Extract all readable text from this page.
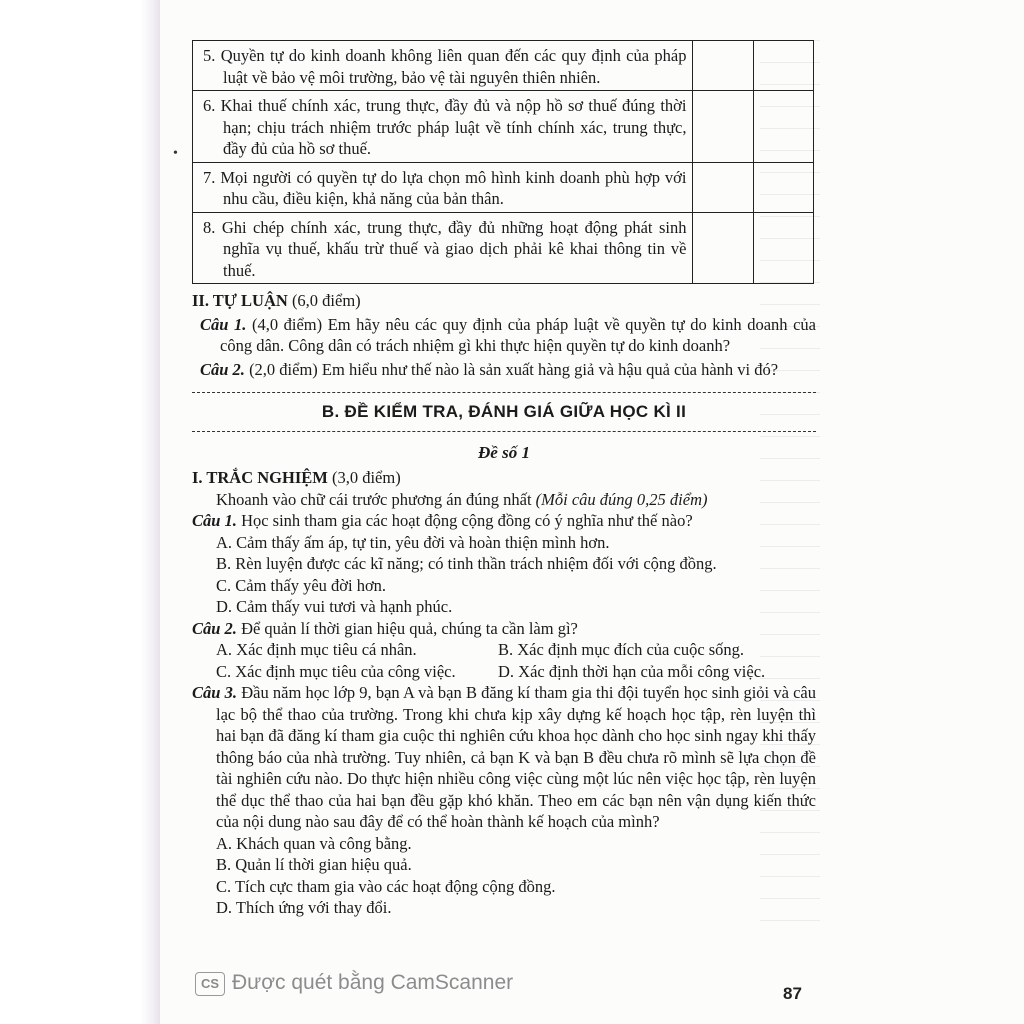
•
5. Quyền tự do kinh doanh không liên quan đến các quy định của pháp luật về bảo vệ môi trường, bảo vệ tài nguyên thiên nhiên.		

6. Khai thuế chính xác, trung thực, đầy đủ và nộp hồ sơ thuế đúng thời hạn; chịu trách nhiệm trước pháp luật về tính chính xác, trung thực, đầy đủ của hồ sơ thuế.		

7. Mọi người có quyền tự do lựa chọn mô hình kinh doanh phù hợp với nhu cầu, điều kiện, khả năng của bản thân.		

8. Ghi chép chính xác, trung thực, đầy đủ những hoạt động phát sinh nghĩa vụ thuế, khấu trừ thuế và giao dịch phải kê khai thông tin về thuế.		

II. TỰ LUẬN (6,0 điểm)
Câu 1. (4,0 điểm) Em hãy nêu các quy định của pháp luật về quyền tự do kinh doanh của công dân. Công dân có trách nhiệm gì khi thực hiện quyền tự do kinh doanh?
Câu 2. (2,0 điểm) Em hiểu như thế nào là sản xuất hàng giả và hậu quả của hành vi đó?
B. ĐỀ KIỂM TRA, ĐÁNH GIÁ GIỮA HỌC KÌ II
Đề số 1
I. TRẮC NGHIỆM (3,0 điểm)
Khoanh vào chữ cái trước phương án đúng nhất (Mỗi câu đúng 0,25 điểm)
Câu 1. Học sinh tham gia các hoạt động cộng đồng có ý nghĩa như thế nào?
A. Cảm thấy ấm áp, tự tin, yêu đời và hoàn thiện mình hơn.
B. Rèn luyện được các kĩ năng; có tinh thần trách nhiệm đối với cộng đồng.
C. Cảm thấy yêu đời hơn.
D. Cảm thấy vui tươi và hạnh phúc.
Câu 2. Để quản lí thời gian hiệu quả, chúng ta cần làm gì?
A. Xác định mục tiêu cá nhân.	B. Xác định mục đích của cuộc sống.
C. Xác định mục tiêu của công việc.	D. Xác định thời hạn của mỗi công việc.
Câu 3. Đầu năm học lớp 9, bạn A và bạn B đăng kí tham gia thi đội tuyển học sinh giỏi và câu lạc bộ thể thao của trường. Trong khi chưa kịp xây dựng kế hoạch học tập, rèn luyện thì hai bạn đã đăng kí tham gia cuộc thi nghiên cứu khoa học dành cho học sinh ngay khi thấy thông báo của nhà trường. Tuy nhiên, cả bạn K và bạn B đều chưa rõ mình sẽ lựa chọn đề tài nghiên cứu nào. Do thực hiện nhiều công việc cùng một lúc nên việc học tập, rèn luyện thể dục thể thao của hai bạn đều gặp khó khăn. Theo em các bạn nên vận dụng kiến thức của nội dung nào sau đây để có thể hoàn thành kế hoạch của mình?
A. Khách quan và công bằng.
B. Quản lí thời gian hiệu quả.
C. Tích cực tham gia vào các hoạt động cộng đồng.
D. Thích ứng với thay đổi.
CS Được quét bằng CamScanner	87
